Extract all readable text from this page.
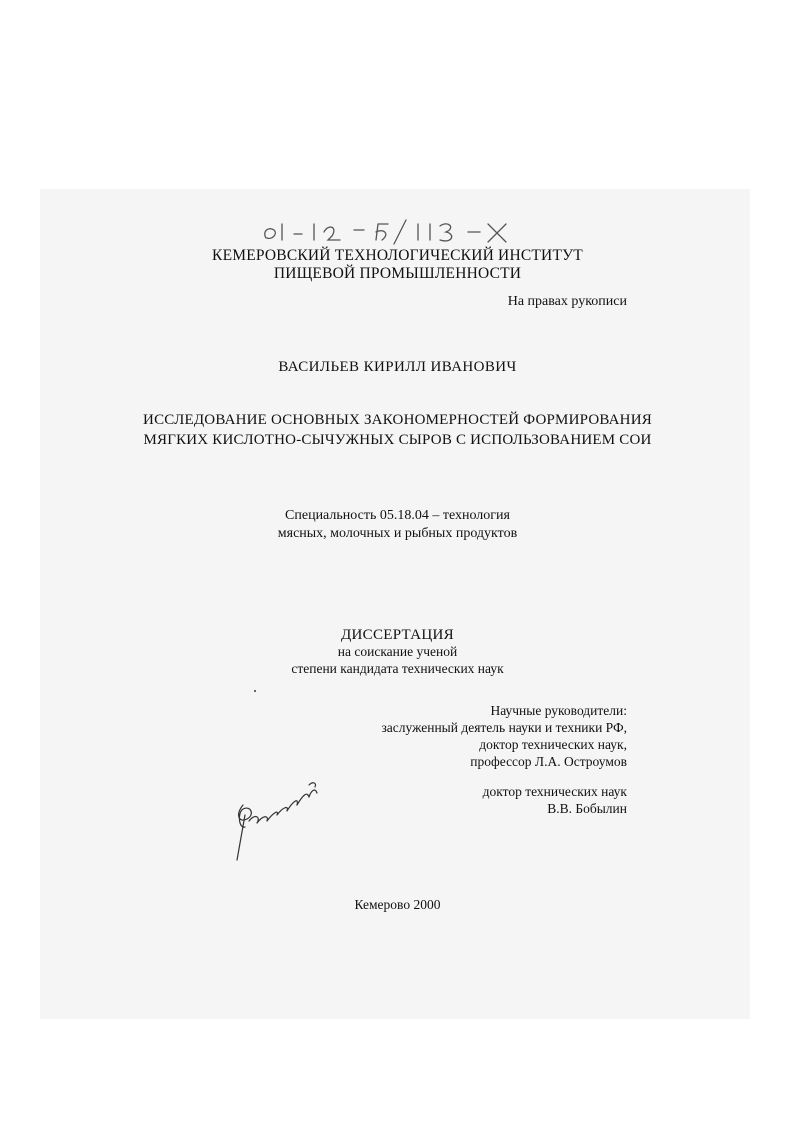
КЕМЕРОВСКИЙ ТЕХНОЛОГИЧЕСКИЙ ИНСТИТУТ
ПИЩЕВОЙ ПРОМЫШЛЕННОСТИ
На правах рукописи
ВАСИЛЬЕВ КИРИЛЛ ИВАНОВИЧ
ИССЛЕДОВАНИЕ ОСНОВНЫХ ЗАКОНОМЕРНОСТЕЙ ФОРМИРОВАНИЯ
МЯГКИХ КИСЛОТНО-СЫЧУЖНЫХ СЫРОВ С ИСПОЛЬЗОВАНИЕМ СОИ
Специальность 05.18.04 – технология
мясных, молочных и рыбных продуктов
ДИССЕРТАЦИЯ
на соискание ученой
степени кандидата технических наук
Научные руководители:
заслуженный деятель науки и техники РФ,
доктор технических наук,
профессор Л.А. Остроумов
доктор технических наук
В.В. Бобылин
Кемерово 2000
